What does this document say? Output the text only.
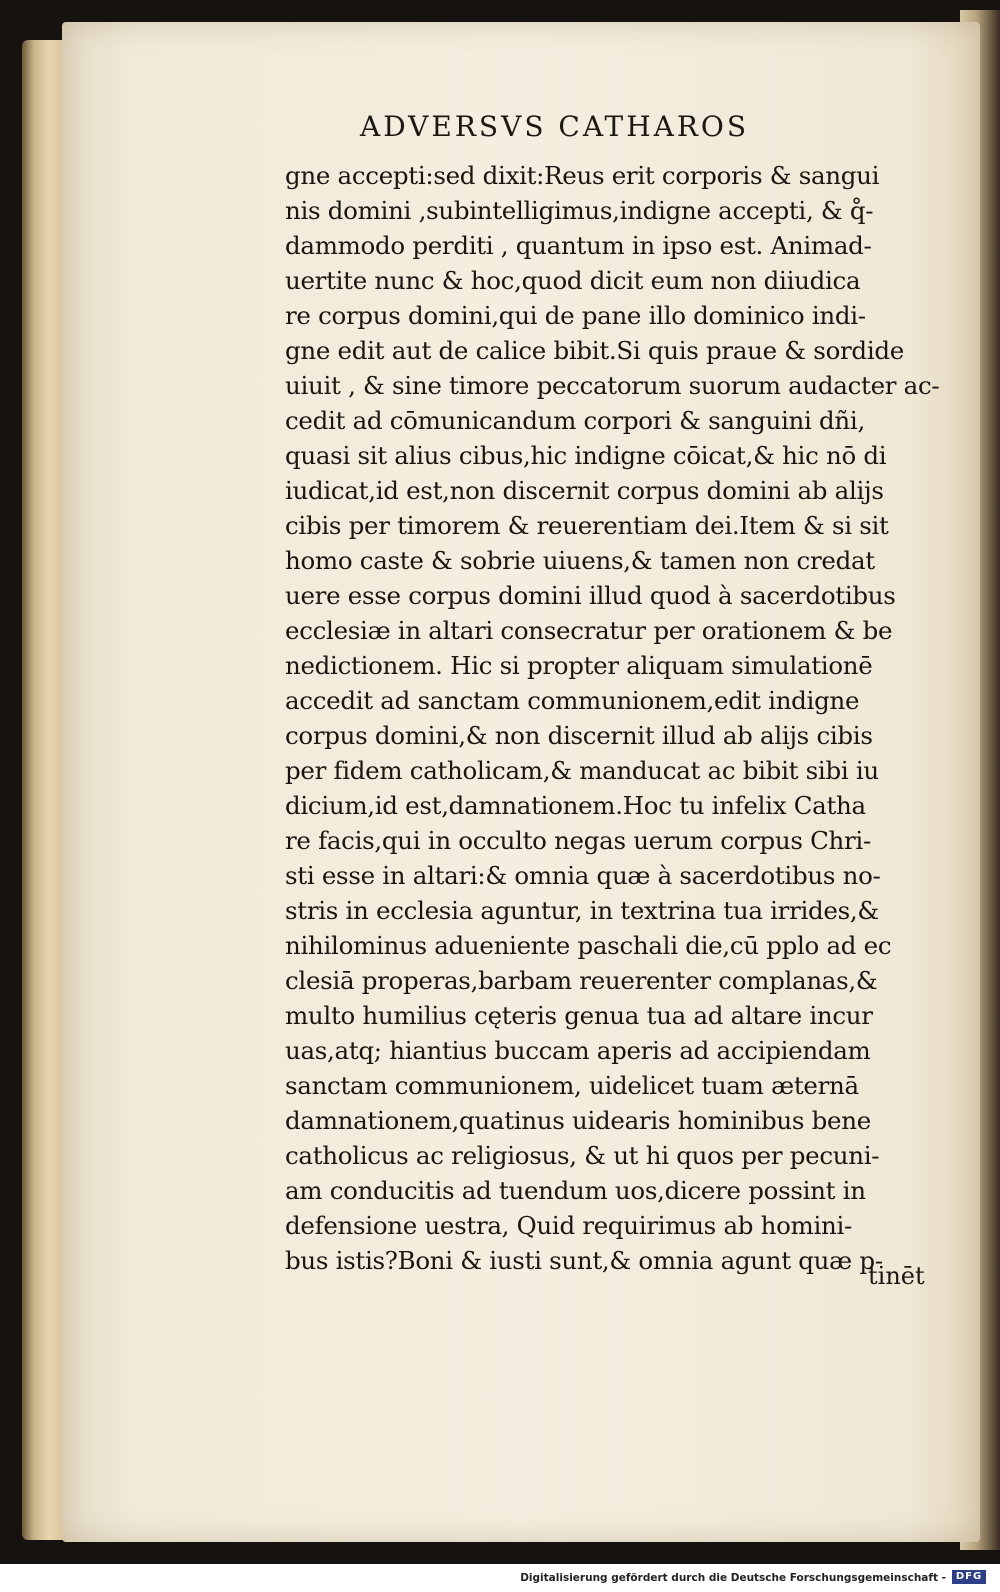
ADVERSVS CATHAROS
gne accepti:sed dixit:Reus erit corporis & sangui
nis domini ,subintelligimus,indigne accepti, & q̊-
dammodo perditi , quantum in ipso est. Animad-
uertite nunc & hoc,quod dicit eum non diiudica
re corpus domini,qui de pane illo dominico indi-
gne edit aut de calice bibit.Si quis praue & sordide
uiuit , & sine timore peccatorum suorum audacter ac-
cedit ad cōmunicandum corpori & sanguini dñi,
quasi sit alius cibus,hic indigne cōicat,& hic nō di
iudicat,id est,non discernit corpus domini ab alijs
cibis per timorem & reuerentiam dei.Item & si sit
homo caste & sobrie uiuens,& tamen non credat
uere esse corpus domini illud quod à sacerdotibus
ecclesiæ in altari consecratur per orationem & be
nedictionem. Hic si propter aliquam simulationē
accedit ad sanctam communionem,edit indigne
corpus domini,& non discernit illud ab alijs cibis
per fidem catholicam,& manducat ac bibit sibi iu
dicium,id est,damnationem.Hoc tu infelix Catha
re facis,qui in occulto negas uerum corpus Chri-
sti esse in altari:& omnia quæ à sacerdotibus no-
stris in ecclesia aguntur, in textrina tua irrides,&
nihilominus adueniente paschali die,cū pplo ad ec
clesiā properas,barbam reuerenter complanas,&
multo humilius cęteris genua tua ad altare incur
uas,atq; hiantius buccam aperis ad accipiendam
sanctam communionem, uidelicet tuam æternā
damnationem,quatinus uidearis hominibus bene
catholicus ac religiosus, & ut hi quos per pecuni-
am conducitis ad tuendum uos,dicere possint in
defensione uestra, Quid requirimus ab homini-
bus istis?Boni & iusti sunt,& omnia agunt quæ p-
tinēt
Digitalisierung gefördert durch die Deutsche Forschungsgemeinschaft - DFG
